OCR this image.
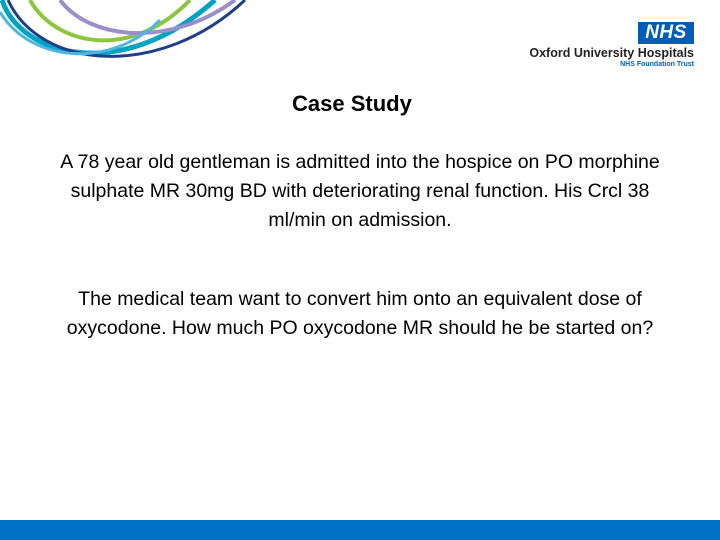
NHS
Oxford University Hospitals
NHS Foundation Trust
Case Study
A 78 year old gentleman is admitted into the hospice on PO morphine sulphate MR 30mg BD with deteriorating renal function. His Crcl 38 ml/min on admission.
The medical team want to convert him onto an equivalent dose of oxycodone. How much PO oxycodone MR should he be started on?
